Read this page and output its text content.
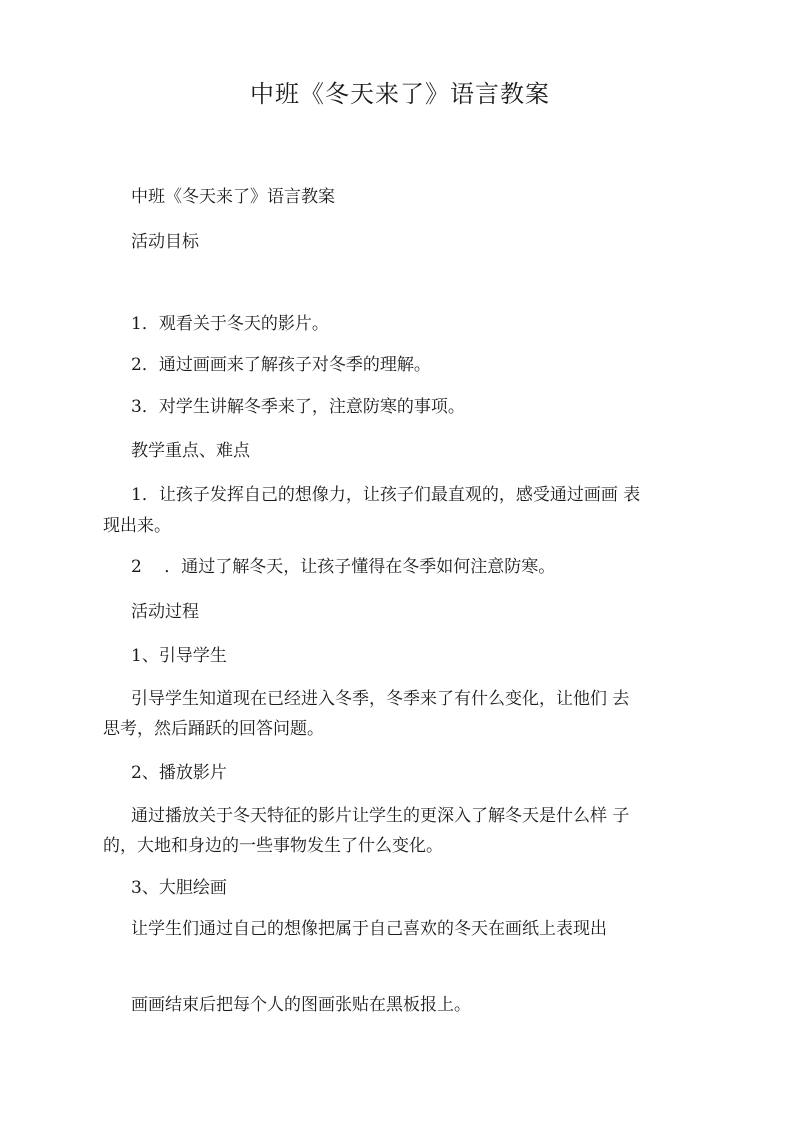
中班《冬天来了》语言教案
中班《冬天来了》语言教案
活动目标
1．观看关于冬天的影片。
2．通过画画来了解孩子对冬季的理解。
3．对学生讲解冬季来了，注意防寒的事项。
教学重点、难点
1．让孩子发挥自己的想像力，让孩子们最直观的，感受通过画画 表
现出来。
2　 ．通过了解冬天，让孩子懂得在冬季如何注意防寒。
活动过程
1、引导学生
引导学生知道现在已经进入冬季，冬季来了有什么变化，让他们 去
思考，然后踊跃的回答问题。
2、播放影片
通过播放关于冬天特征的影片让学生的更深入了解冬天是什么样 子
的，大地和身边的一些事物发生了什么变化。
3、大胆绘画
让学生们通过自己的想像把属于自己喜欢的冬天在画纸上表现出
画画结束后把每个人的图画张贴在黑板报上。
